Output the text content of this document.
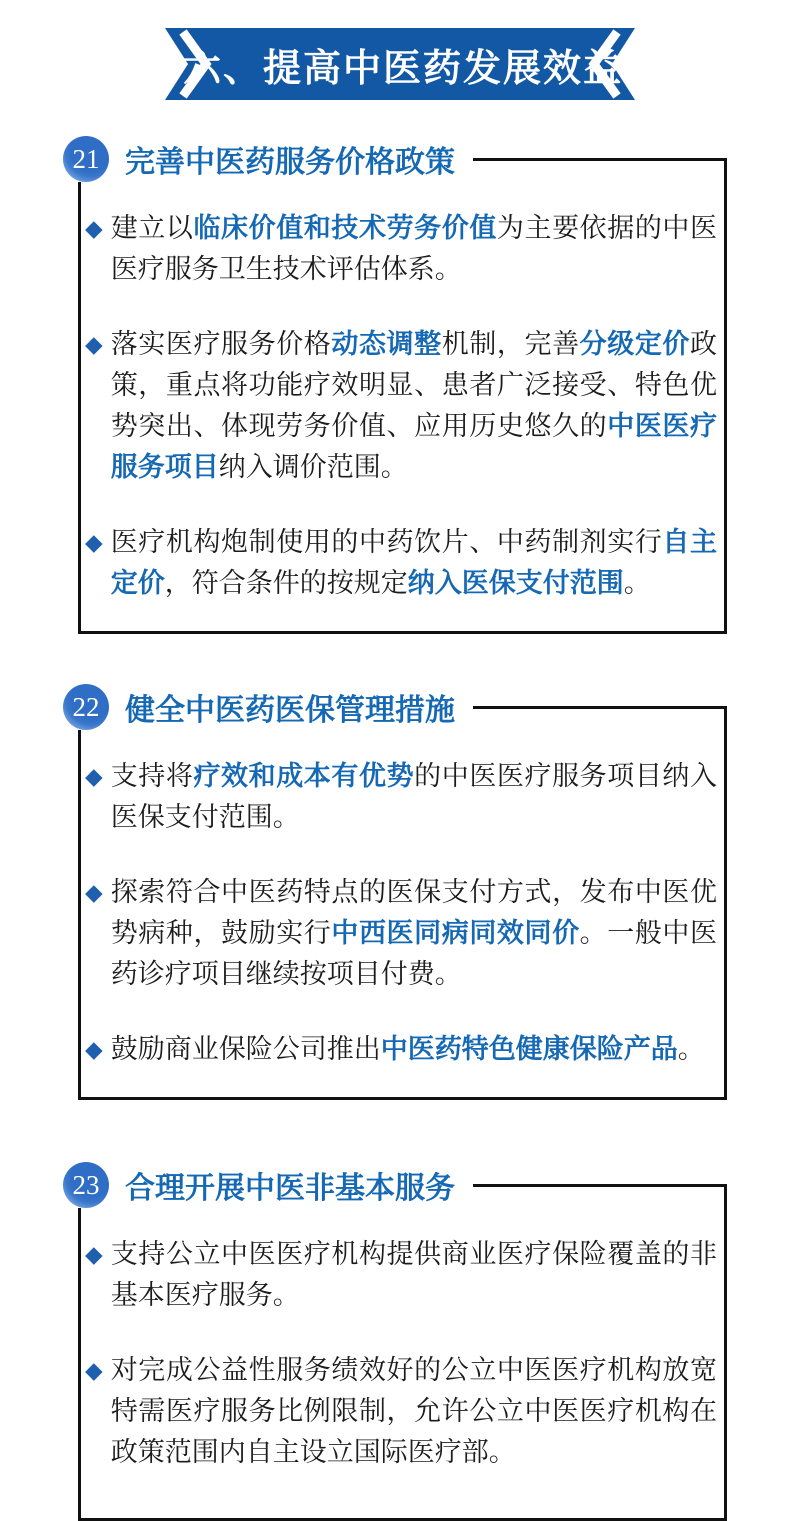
六、提高中医药发展效益
21 完善中医药服务价格政策
◆ 建立以临床价值和技术劳务价值为主要依据的中医医疗服务卫生技术评估体系。
◆ 落实医疗服务价格动态调整机制，完善分级定价政策，重点将功能疗效明显、患者广泛接受、特色优势突出、体现劳务价值、应用历史悠久的中医医疗服务项目纳入调价范围。
◆ 医疗机构炮制使用的中药饮片、中药制剂实行自主定价，符合条件的按规定纳入医保支付范围。
22 健全中医药医保管理措施
◆ 支持将疗效和成本有优势的中医医疗服务项目纳入医保支付范围。
◆ 探索符合中医药特点的医保支付方式，发布中医优势病种，鼓励实行中西医同病同效同价。一般中医药诊疗项目继续按项目付费。
◆ 鼓励商业保险公司推出中医药特色健康保险产品。
23 合理开展中医非基本服务
◆ 支持公立中医医疗机构提供商业医疗保险覆盖的非基本医疗服务。
◆ 对完成公益性服务绩效好的公立中医医疗机构放宽特需医疗服务比例限制，允许公立中医医疗机构在政策范围内自主设立国际医疗部。
